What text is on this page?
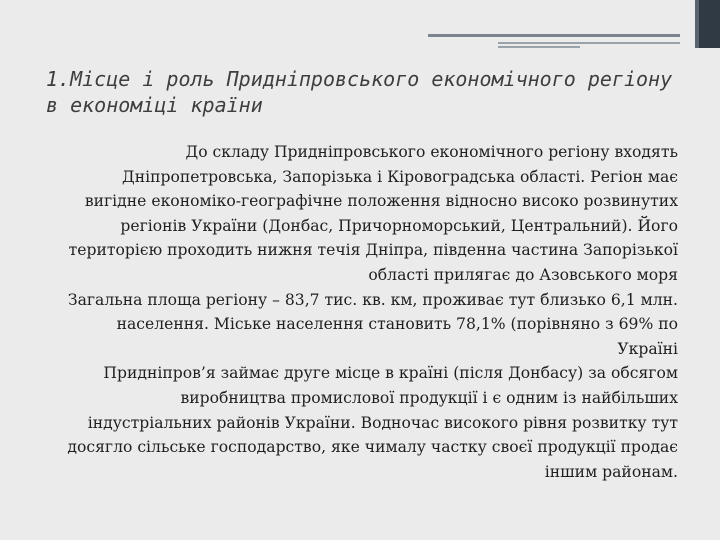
1.Місце і роль Придніпровського економічного регіону в економіці країни

До складу Придніпровського економічного регіону входять Дніпропетровська, Запорізька і Кіровоградська області. Регіон має вигідне економіко-географічне положення відносно високо розвинутих регіонів України (Донбас, Причорноморський, Центральний). Його територією проходить нижня течія Дніпра, південна частина Запорізької області прилягає до Азовського моря

Загальна площа регіону – 83,7 тис. кв. км, проживає тут близько 6,1 млн. населення. Міське населення становить 78,1% (порівняно з 69% по Україні

Придніпров’я займає друге місце в країні (після Донбасу) за обсягом виробництва промислової продукції і є одним із найбільших індустріальних районів України. Водночас високого рівня розвитку тут досягло сільське господарство, яке чималу частку своєї продукції продає іншим районам.
